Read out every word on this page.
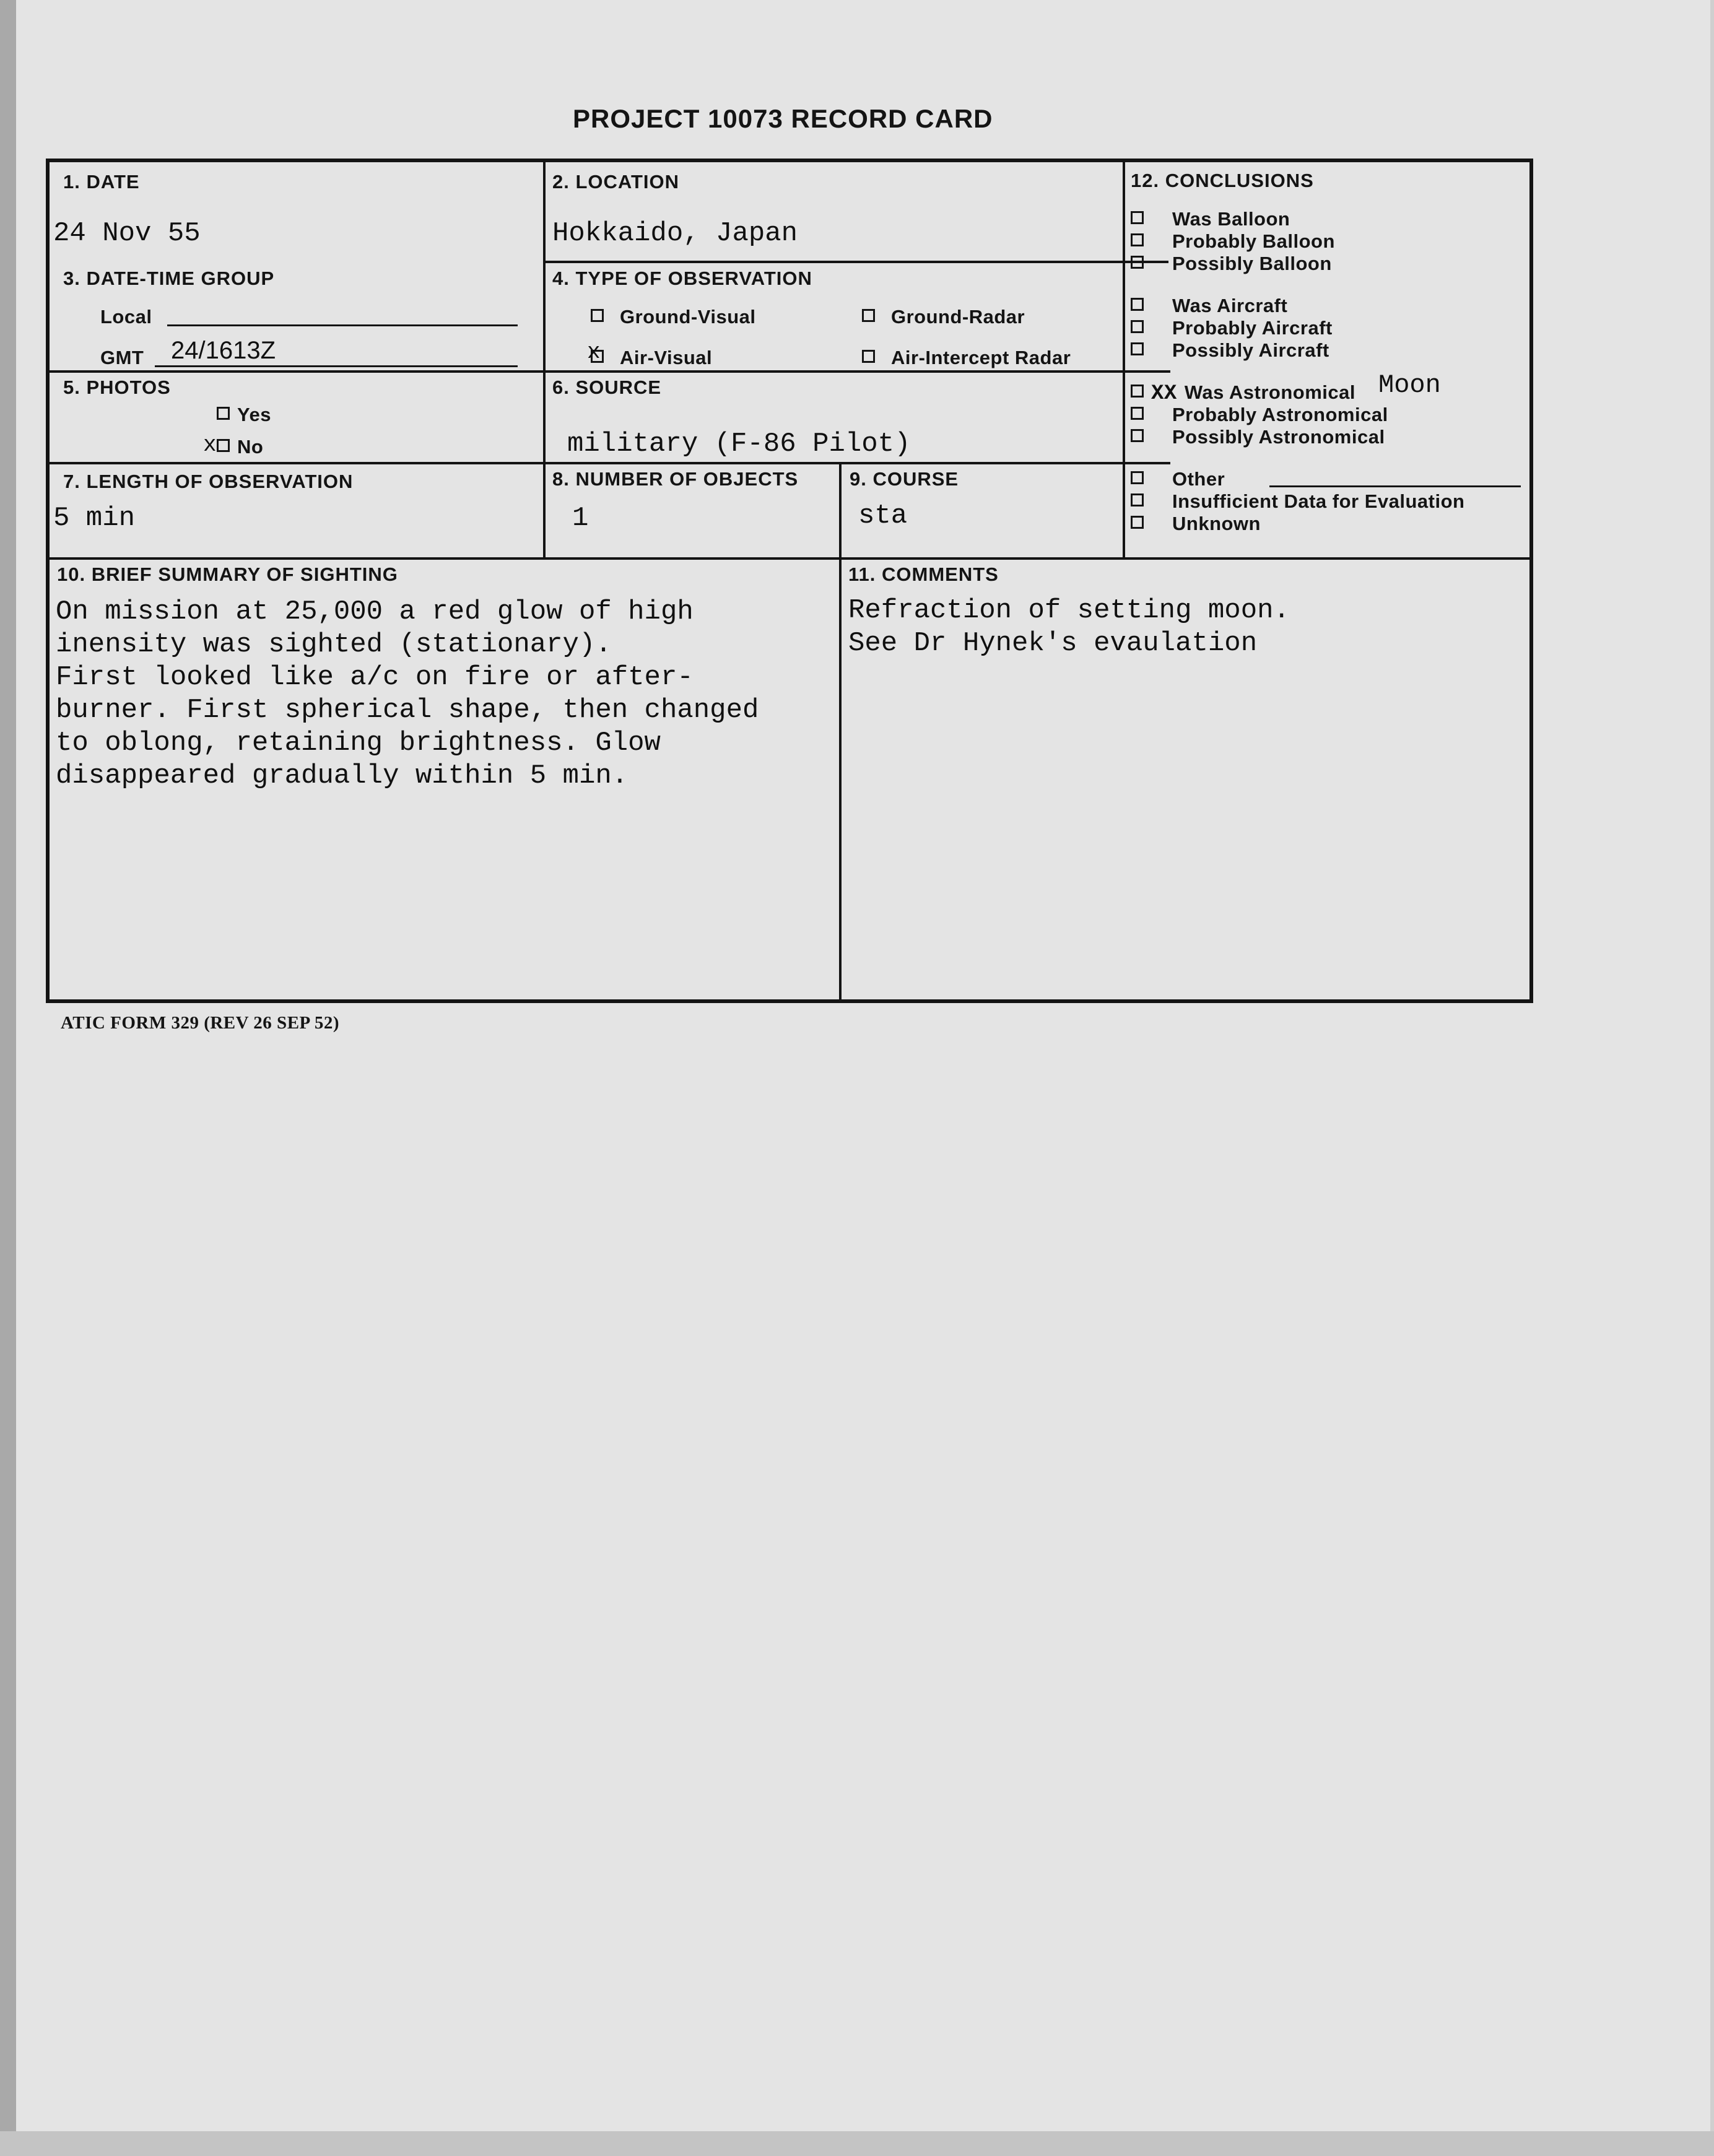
PROJECT 10073 RECORD CARD
1. DATE
24 Nov 55
2. LOCATION
Hokkaido, Japan
3. DATE-TIME GROUP
Local
GMT 24/1613Z
4. TYPE OF OBSERVATION
Ground-Visual	Ground-Radar
Air-Visual
x	Air-Intercept Radar
5. PHOTOS
Yes
No
x
6. SOURCE
military (F-86 Pilot)
7. LENGTH OF OBSERVATION
5 min
8. NUMBER OF OBJECTS
1
9. COURSE
sta
12. CONCLUSIONS
Was Balloon
Probably Balloon
Possibly Balloon
Was Aircraft
Probably Aircraft
Possibly Aircraft
XX Was Astronomical Moon
Probably Astronomical
Possibly Astronomical
Other
Insufficient Data for Evaluation
Unknown
10. BRIEF SUMMARY OF SIGHTING
On mission at 25,000 a red glow of high
inensity was sighted (stationary).
First looked like a/c on fire or after-
burner. First spherical shape, then changed
to oblong, retaining brightness. Glow
disappeared gradually within 5 min.
11. COMMENTS
Refraction of setting moon.
See Dr Hynek's evaulation
ATIC FORM 329 (REV 26 SEP 52)
